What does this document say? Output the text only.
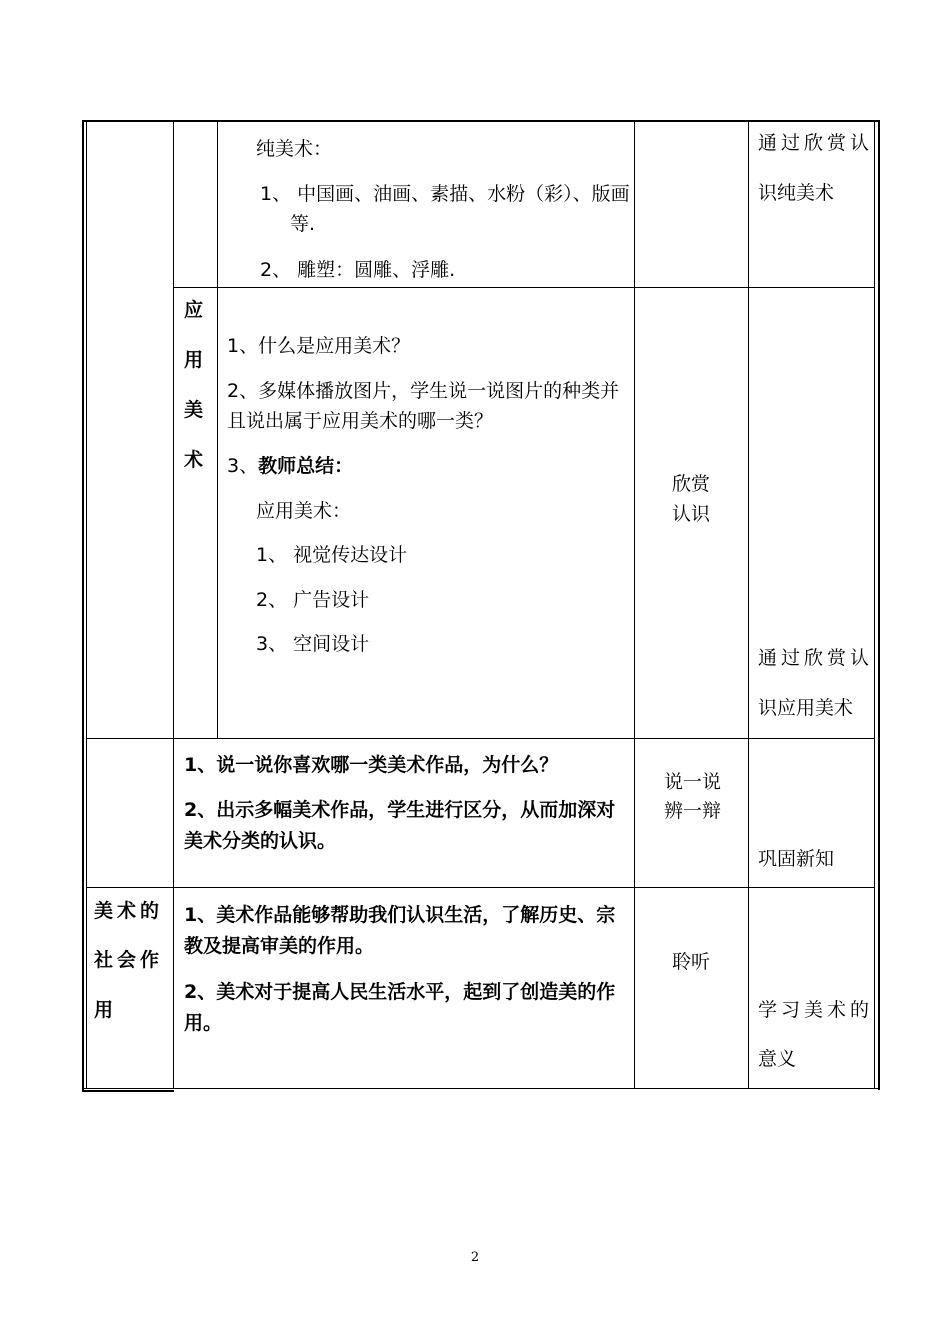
纯美术：
1、 中国画、油画、素描、水粉（彩）、版画
等.
2、 雕塑：圆雕、浮雕.
通过欣赏认
识纯美术
应
用
美
术
1、什么是应用美术？
2、多媒体播放图片，学生说一说图片的种类并
且说出属于应用美术的哪一类？
3、教师总结：
应用美术：
1、 视觉传达设计
2、 广告设计
3、 空间设计
欣赏
认识
通过欣赏认
识应用美术
1、说一说你喜欢哪一类美术作品，为什么？
2、出示多幅美术作品，学生进行区分，从而加深对
美术分类的认识。
说一说
辨一辩
巩固新知
美术的
社会作
用
1、美术作品能够帮助我们认识生活，了解历史、宗
教及提高审美的作用。
2、美术对于提高人民生活水平，起到了创造美的作
用。
聆听
学习美术的
意义
2
